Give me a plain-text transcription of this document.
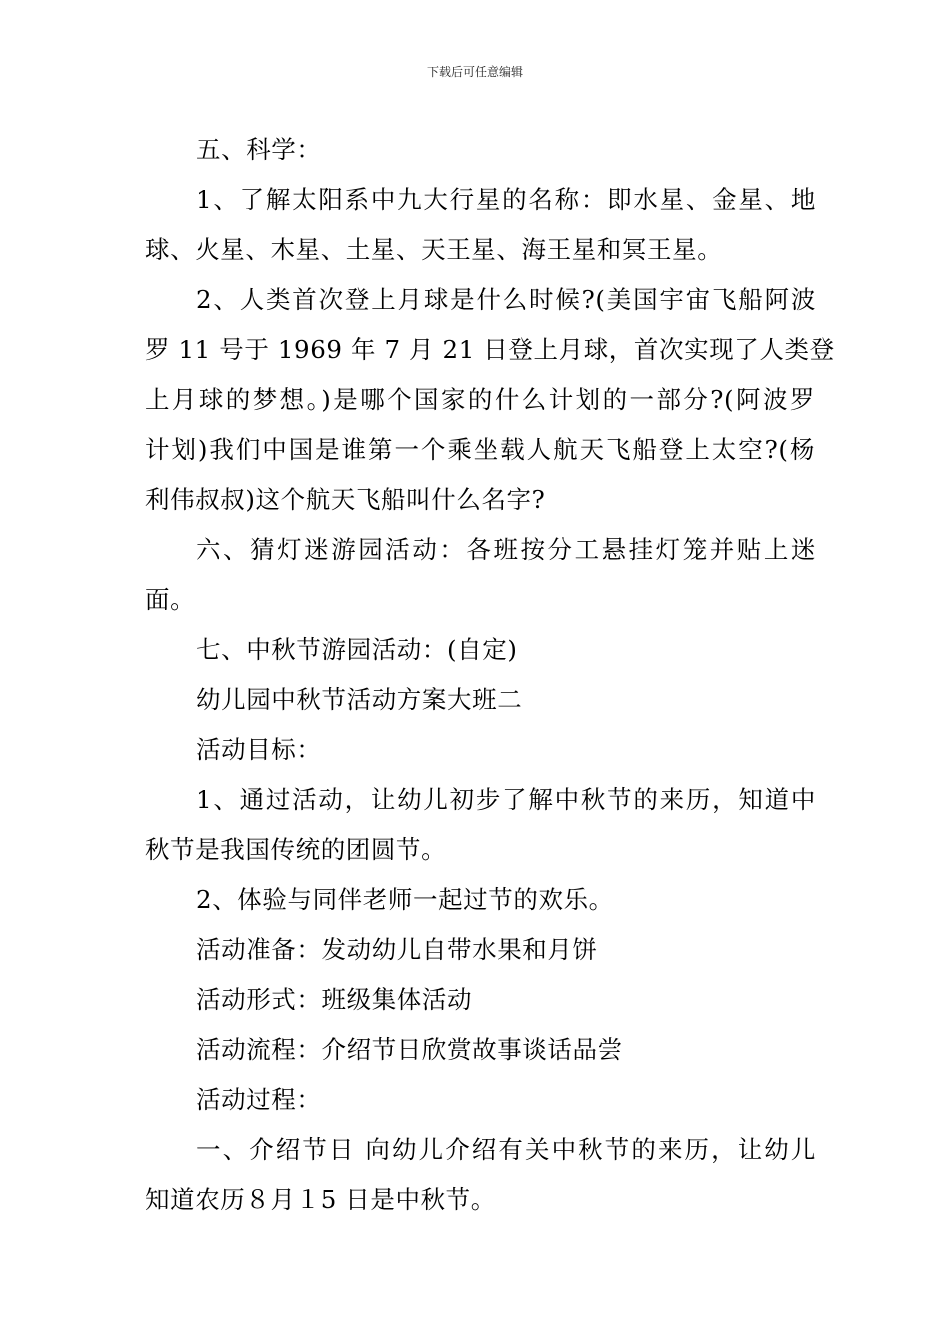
下载后可任意编辑
五、科学：
1、了解太阳系中九大行星的名称：即水星、金星、地
球、火星、木星、土星、天王星、海王星和冥王星。
2、人类首次登上月球是什么时候?(美国宇宙飞船阿波
罗 11 号于 1969 年 7 月 21 日登上月球，首次实现了人类登
上月球的梦想。)是哪个国家的什么计划的一部分?(阿波罗
计划)我们中国是谁第一个乘坐载人航天飞船登上太空?(杨
利伟叔叔)这个航天飞船叫什么名字?
六、猜灯迷游园活动：各班按分工悬挂灯笼并贴上迷
面。
七、中秋节游园活动：(自定)
幼儿园中秋节活动方案大班二
活动目标：
1、通过活动，让幼儿初步了解中秋节的来历，知道中
秋节是我国传统的团圆节。
2、体验与同伴老师一起过节的欢乐。
活动准备：发动幼儿自带水果和月饼
活动形式：班级集体活动
活动流程：介绍节日欣赏故事谈话品尝
活动过程：
一、介绍节日 向幼儿介绍有关中秋节的来历，让幼儿
知道农历８月１5 日是中秋节。
